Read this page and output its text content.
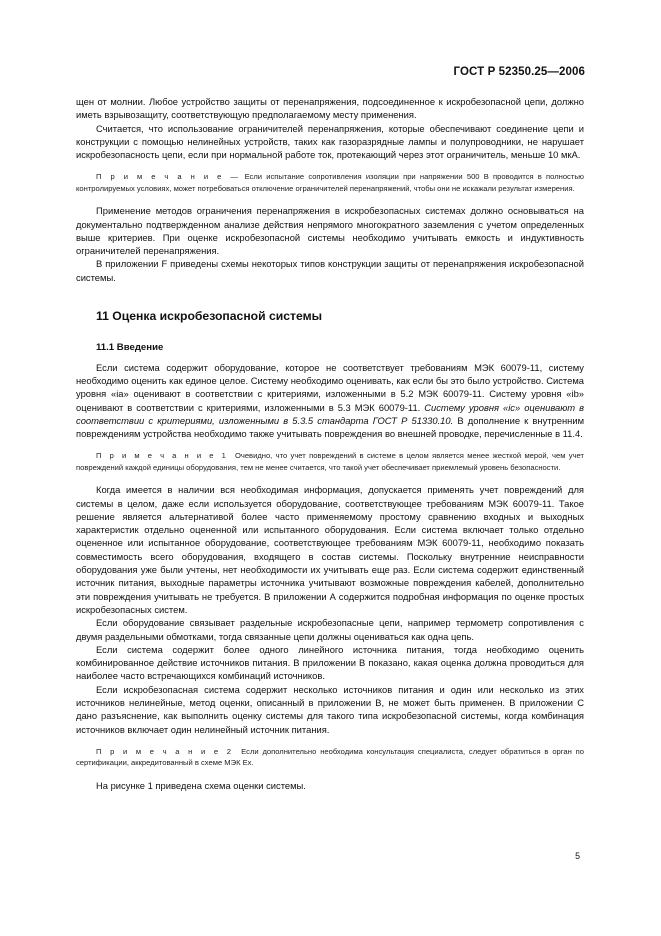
ГОСТ Р 52350.25—2006

щен от молнии. Любое устройство защиты от перенапряжения, подсоединенное к искробезопасной цепи, должно иметь взрывозащиту, соответствующую предполагаемому месту применения.

Считается, что использование ограничителей перенапряжения, которые обеспечивают соединение цепи и конструкции с помощью нелинейных устройств, таких как газоразрядные лампы и полупроводники, не нарушает искробезопасность цепи, если при нормальной работе ток, протекающий через этот ограничитель, меньше 10 мкА.

П р и м е ч а н и е — Если испытание сопротивления изоляции при напряжении 500 В проводится в полностью контролируемых условиях, может потребоваться отключение ограничителей перенапряжений, чтобы они не искажали результат измерения.

Применение методов ограничения перенапряжения в искробезопасных системах должно основываться на документально подтвержденном анализе действия непрямого многократного заземления с учетом определенных выше критериев. При оценке искробезопасной системы необходимо учитывать емкость и индуктивность ограничителей перенапряжения.

В приложении F приведены схемы некоторых типов конструкции защиты от перенапряжения искробезопасной системы.

11 Оценка искробезопасной системы

11.1 Введение

Если система содержит оборудование, которое не соответствует требованиям МЭК 60079-11, систему необходимо оценить как единое целое. Систему необходимо оценивать, как если бы это было устройство. Система уровня «ia» оценивают в соответствии с критериями, изложенными в 5.2 МЭК 60079-11. Систему уровня «ib» оценивают в соответствии с критериями, изложенными в 5.3 МЭК 60079-11. Систему уровня «ic» оценивают в соответствии с критериями, изложенными в 5.3.5 стандарта ГОСТ Р 51330.10. В дополнение к внутренним повреждениям устройства необходимо также учитывать повреждения во внешней проводке, перечисленные в 11.4.

П р и м е ч а н и е 1 Очевидно, что учет повреждений в системе в целом является менее жесткой мерой, чем учет повреждений каждой единицы оборудования, тем не менее считается, что такой учет обеспечивает приемлемый уровень безопасности.

Когда имеется в наличии вся необходимая информация, допускается применять учет повреждений для системы в целом, даже если используется оборудование, соответствующее требованиям МЭК 60079-11. Такое решение является альтернативой более часто применяемому простому сравнению входных и выходных характеристик отдельно оцененной или испытанного оборудования. Если система включает только отдельно оцененное или испытанное оборудование, соответствующее требованиям МЭК 60079-11, необходимо показать совместимость всего оборудования, входящего в состав системы. Поскольку внутренние неисправности оборудования уже были учтены, нет необходимости их учитывать еще раз. Если система содержит единственный источник питания, выходные параметры источника учитывают возможные повреждения кабелей, дополнительно эти повреждения учитывать не требуется. В приложении А содержится подробная информация по оценке простых искробезопасных систем.

Если оборудование связывает раздельные искробезопасные цепи, например термометр сопротивления с двумя раздельными обмотками, тогда связанные цепи должны оцениваться как одна цепь.

Если система содержит более одного линейного источника питания, тогда необходимо оценить комбинированное действие источников питания. В приложении В показано, какая оценка должна проводиться для наиболее часто встречающихся комбинаций источников.

Если искробезопасная система содержит несколько источников питания и один или несколько из этих источников нелинейные, метод оценки, описанный в приложении В, не может быть применен. В приложении С дано разъяснение, как выполнить оценку системы для такого типа искробезопасной системы, когда комбинация источников включает один нелинейный источник питания.

П р и м е ч а н и е 2 Если дополнительно необходима консультация специалиста, следует обратиться в орган по сертификации, аккредитованный в схеме МЭК Ех.

На рисунке 1 приведена схема оценки системы.

5
